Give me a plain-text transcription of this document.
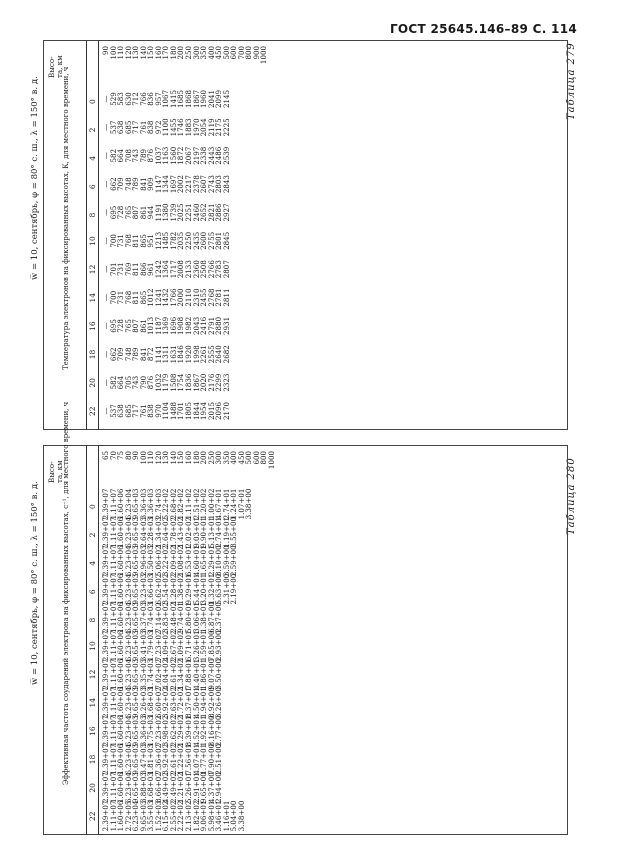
ГОСТ 25645.146–89 С. 114
Таблица 279
w̅ = 10, сентябрь, φ = 80° с. ш., λ = 150° в. д.	Температура электронов на фиксированных высотах, К, для местного времени, ч
Высо-
та, км
90
100
110
120
130
140
150
160
170
180
200
250
300
350
400
450
500
600
700
800
900
1000
0 —
529
583
630
712
766
836
957
1067
1415
1685
1868
1867
1960
2041
2099
2145
2 —
537
638
685
717
761
838
972
1100
1455
1746
1883
1970
2054
2119
2175
2225
4 —
582
664
708
743
789
876
1037
1163
1560
1872
2067
2197
2338
2443
2486
2539
6 —
662
709
748
789
841
909
1147
1344
1697
2002
2217
2378
2607
2743
2803
2843
8 —
695
728
765
807
861
944
1191
1380
1739
2025
2251
2460
2652
2821
2886
2927
10 —
700
731
768
811
865
951
1213
1485
1782
2035
2250
2435
2600
2755
2801
2845
12 —
701
731
769
811
866
961
1242
1364
1717
2008
2133
2360
2508
2766
2783
2807
14 —
700
731
768
811
865
1012
1241
1432
1766
2000
2110
2310
2455
2768
2781
2811
16 —
695
728
765
807
861
1013
1187
1369
1696
1908
1982
2043
2416
2791
2880
2931
18 —
662
709
748
789
841
872
1141
1311
1631
1846
1920
1998
2261
2555
2640
2682
20 —
582
664
705
743
790
876
1032
1179
1508
1754
1836
1867
2020
2176
2299
2323
22 —
537
638
685
717
761
838
970
1104
1488
1701
1805
1844
1954
2015
2096
2170
Таблица 280
w̅ = 10, сентябрь, φ = 80° с. ш., λ = 150° в. д.	Эффективная частота соударений электрона на фиксированных высотах, с⁻¹, для местного времени, ч
Высо-
та, км
65
70
75
80
90
100
110
120
130
140
150
160
180
200
250
300
350
400
450
500
600
800
1000
0 2.39+07
1.11+07
1.60+06
6.23+04
9.65+03
3.36+03
1.36+03
2.74+03
5.22+02
2.68+02
1.82+02
1.11+02
2.51+02
1.20+02
1.00+02
4.67+01
2.74+01
1.24+01
1.07+01
3.38+00
2 2.39+07
1.11+07
1.60+06
6.23+04
9.65+03
2.64+03
2.28+03
1.34+03
2.64+02
1.78+02
1.43+02
2.02+02
9.03+01
9.90+01
5.13+01
2.74+01
1.19+01
3.55+00
4 2.39+07
1.11+07
1.60+06
6.23+04
9.65+03
2.96+03
1.50+03
5.06+02
3.22+02
2.09+02
1.08+02
6.53+01
4.60+01
1.65+01
2.29+01
8.10+00
3.59+00
2.59+00
6 2.39+07
1.11+07
1.60+06
6.23+04
9.65+03
3.23+03
1.66+03
6.62+02
3.54+02
1.28+02
1.38+02
9.29+01
5.44+01
3.20+01
1.32+01
5.63+00
2.31+00
2.19+00
8 2.39+07
1.11+07
1.60+06
6.23+04
9.65+03
3.37+03
1.74+03
7.14+02
3.83+02
2.48+02
9.74+01
5.80+01
3.06+01
1.38+01
6.87+00
2.37+00
10 2.39+07
1.11+07
1.60+06
6.23+04
9.65+03
3.41+03
1.79+03
7.23+02
4.09+02
2.67+02
1.09+02
6.71+01
3.26+01
1.59+01
7.85+00
2.93+00
12 2.39+07
1.11+07
1.60+06
6.23+04
9.65+03
3.35+03
1.74+03
7.02+02
4.04+02
2.61+02
1.34+02
7.88+01
4.40+01
1.86+01
9.07+00
3.50+00
14 2.39+07
1.11+07
1.60+06
6.23+04
9.65+03
3.26+03
1.68+03
6.60+02
3.92+02
2.63+02
1.72+02
8.37+01
4.50+01
1.94+01
8.92+00
3.26+00
16 2.39+07
1.11+07
1.60+06
6.23+04
9.65+03
3.36+03
1.75+03
7.23+02
3.98+02
2.62+02
1.29+02
8.39+01
4.52+01
1.92+01
8.16+00
2.77+00
18 2.39+07
1.11+07
1.60+06
6.23+04
9.65+03
3.47+03
1.81+03
7.36+02
3.92+02
2.61+02
1.22+02
7.56+01
4.07+01
1.77+01
7.90+00
2.51+00
20 2.39+07
1.11+07
1.60+06
6.23+04
9.65+03
3.88+03
1.68+03
8.66+02
4.49+02
2.49+02
1.21+02
5.26+01
2.91+01
9.65+00
4.37+00
2.94+00
22 2.39+07
1.11+07
1.60+06
2.72+05
6.23+04
9.65+03
3.55+03
1.52+03
6.15+02
2.55+02
2.22+02
2.13+02
1.82+02
9.06+01
5.98+01
3.46+01
1.16+01
5.04+00
3.38+00
